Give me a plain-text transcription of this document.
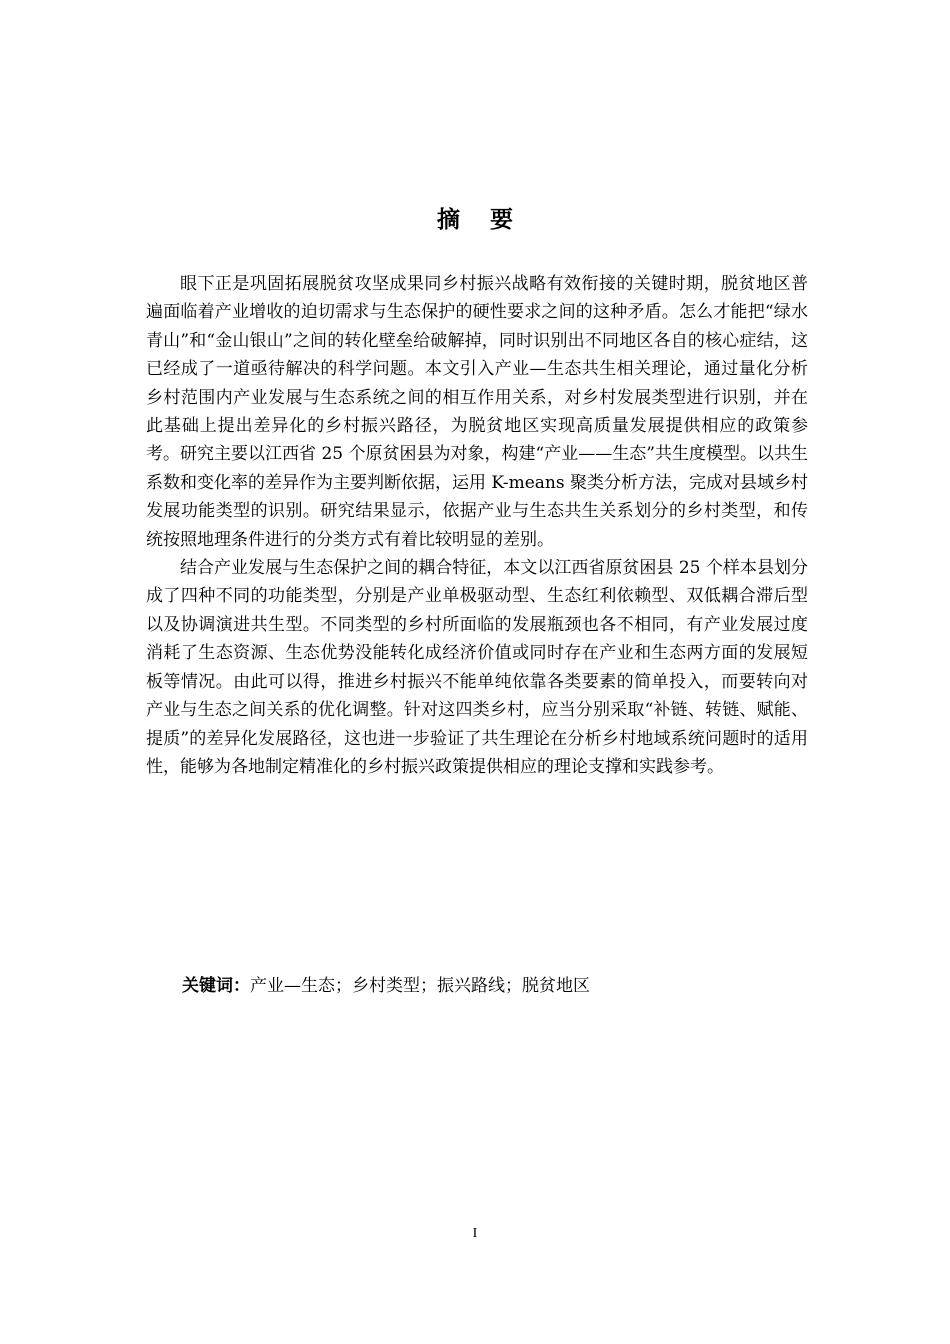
摘要

眼下正是巩固拓展脱贫攻坚成果同乡村振兴战略有效衔接的关键时期，脱贫地区普遍面临着产业增收的迫切需求与生态保护的硬性要求之间的这种矛盾。怎么才能把“绿水青山”和“金山银山”之间的转化壁垒给破解掉，同时识别出不同地区各自的核心症结，这已经成了一道亟待解决的科学问题。本文引入产业—生态共生相关理论，通过量化分析乡村范围内产业发展与生态系统之间的相互作用关系，对乡村发展类型进行识别，并在此基础上提出差异化的乡村振兴路径，为脱贫地区实现高质量发展提供相应的政策参考。研究主要以江西省 25 个原贫困县为对象，构建“产业——生态”共生度模型。以共生系数和变化率的差异作为主要判断依据，运用 K-means 聚类分析方法，完成对县域乡村发展功能类型的识别。研究结果显示，依据产业与生态共生关系划分的乡村类型，和传统按照地理条件进行的分类方式有着比较明显的差别。

结合产业发展与生态保护之间的耦合特征，本文以江西省原贫困县 25 个样本县划分成了四种不同的功能类型，分别是产业单极驱动型、生态红利依赖型、双低耦合滞后型以及协调演进共生型。不同类型的乡村所面临的发展瓶颈也各不相同，有产业发展过度消耗了生态资源、生态优势没能转化成经济价值或同时存在产业和生态两方面的发展短板等情况。由此可以得，推进乡村振兴不能单纯依靠各类要素的简单投入，而要转向对产业与生态之间关系的优化调整。针对这四类乡村，应当分别采取“补链、转链、赋能、提质”的差异化发展路径，这也进一步验证了共生理论在分析乡村地域系统问题时的适用性，能够为各地制定精准化的乡村振兴政策提供相应的理论支撑和实践参考。

关键词：产业—生态；乡村类型；振兴路线；脱贫地区
I
